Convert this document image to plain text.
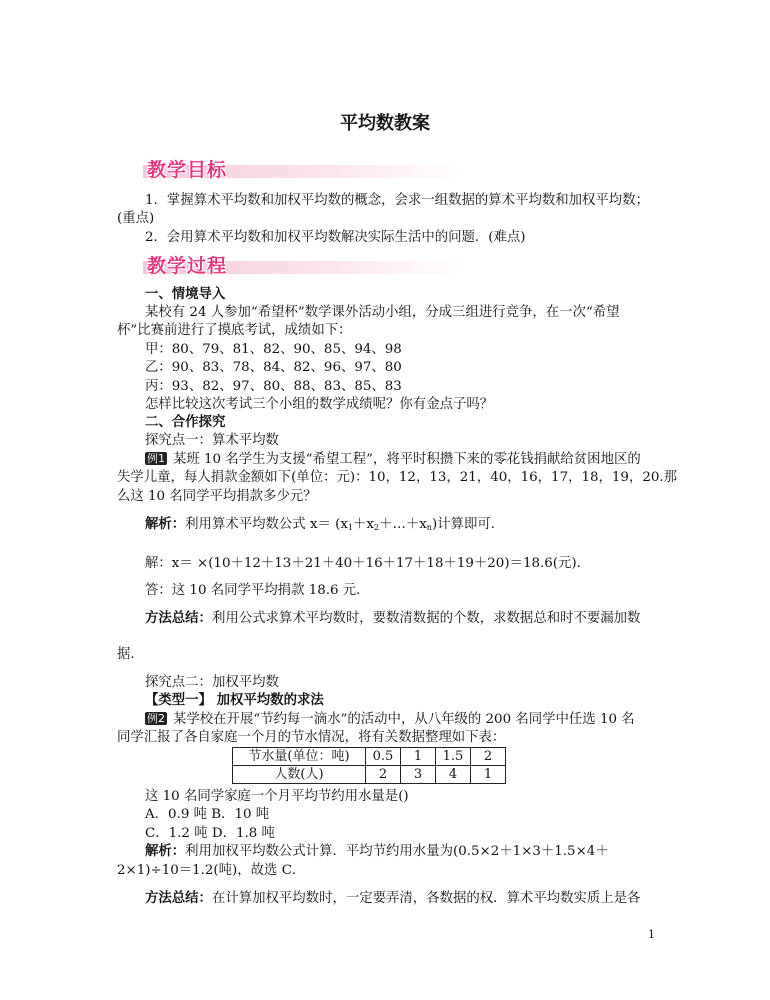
平均数教案
教学目标
1．掌握算术平均数和加权平均数的概念，会求一组数据的算术平均数和加权平均数；
(重点)
2．会用算术平均数和加权平均数解决实际生活中的问题．(难点)
教学过程
一、情境导入
某校有 24 人参加“希望杯”数学课外活动小组，分成三组进行竞争，在一次“希望
杯”比赛前进行了摸底考试，成绩如下：
甲：80、79、81、82、90、85、94、98
乙：90、83、78、84、82、96、97、80
丙：93、82、97、80、88、83、85、83
怎样比较这次考试三个小组的数学成绩呢？你有金点子吗？
二、合作探究
探究点一：算术平均数
例1 某班 10 名学生为支援“希望工程”，将平时积攒下来的零花钱捐献给贫困地区的
失学儿童，每人捐款金额如下(单位：元)：10，12，13，21，40，16，17，18，19，20.那
么这 10 名同学平均捐款多少元？
解析：利用算术平均数公式 $x= (x_1+x_2+\dots+x_n)$计算即可．
解：x＝ ×(10＋12＋13＋21＋40＋16＋17＋18＋19＋20)＝18.6(元)．
答：这 10 名同学平均捐款 18.6 元．
方法总结：利用公式求算术平均数时，要数清数据的个数，求数据总和时不要漏加数
据．
探究点二：加权平均数
【类型一】 加权平均数的求法
例2 某学校在开展“节约每一滴水”的活动中，从八年级的 200 名同学中任选 10 名
同学汇报了各自家庭一个月的节水情况，将有关数据整理如下表：
节水量(单位：吨)	0.5	1	1.5	2
人数(人)	2	3	4	1
这 10 名同学家庭一个月平均节约用水量是()
A．0.9 吨 B．10 吨
C．1.2 吨 D．1.8 吨
解析：利用加权平均数公式计算．平均节约用水量为(0.5×2＋1×3＋1.5×4＋
2×1)÷10＝1.2(吨)，故选 C．
方法总结：在计算加权平均数时，一定要弄清，各数据的权．算术平均数实质上是各
1
